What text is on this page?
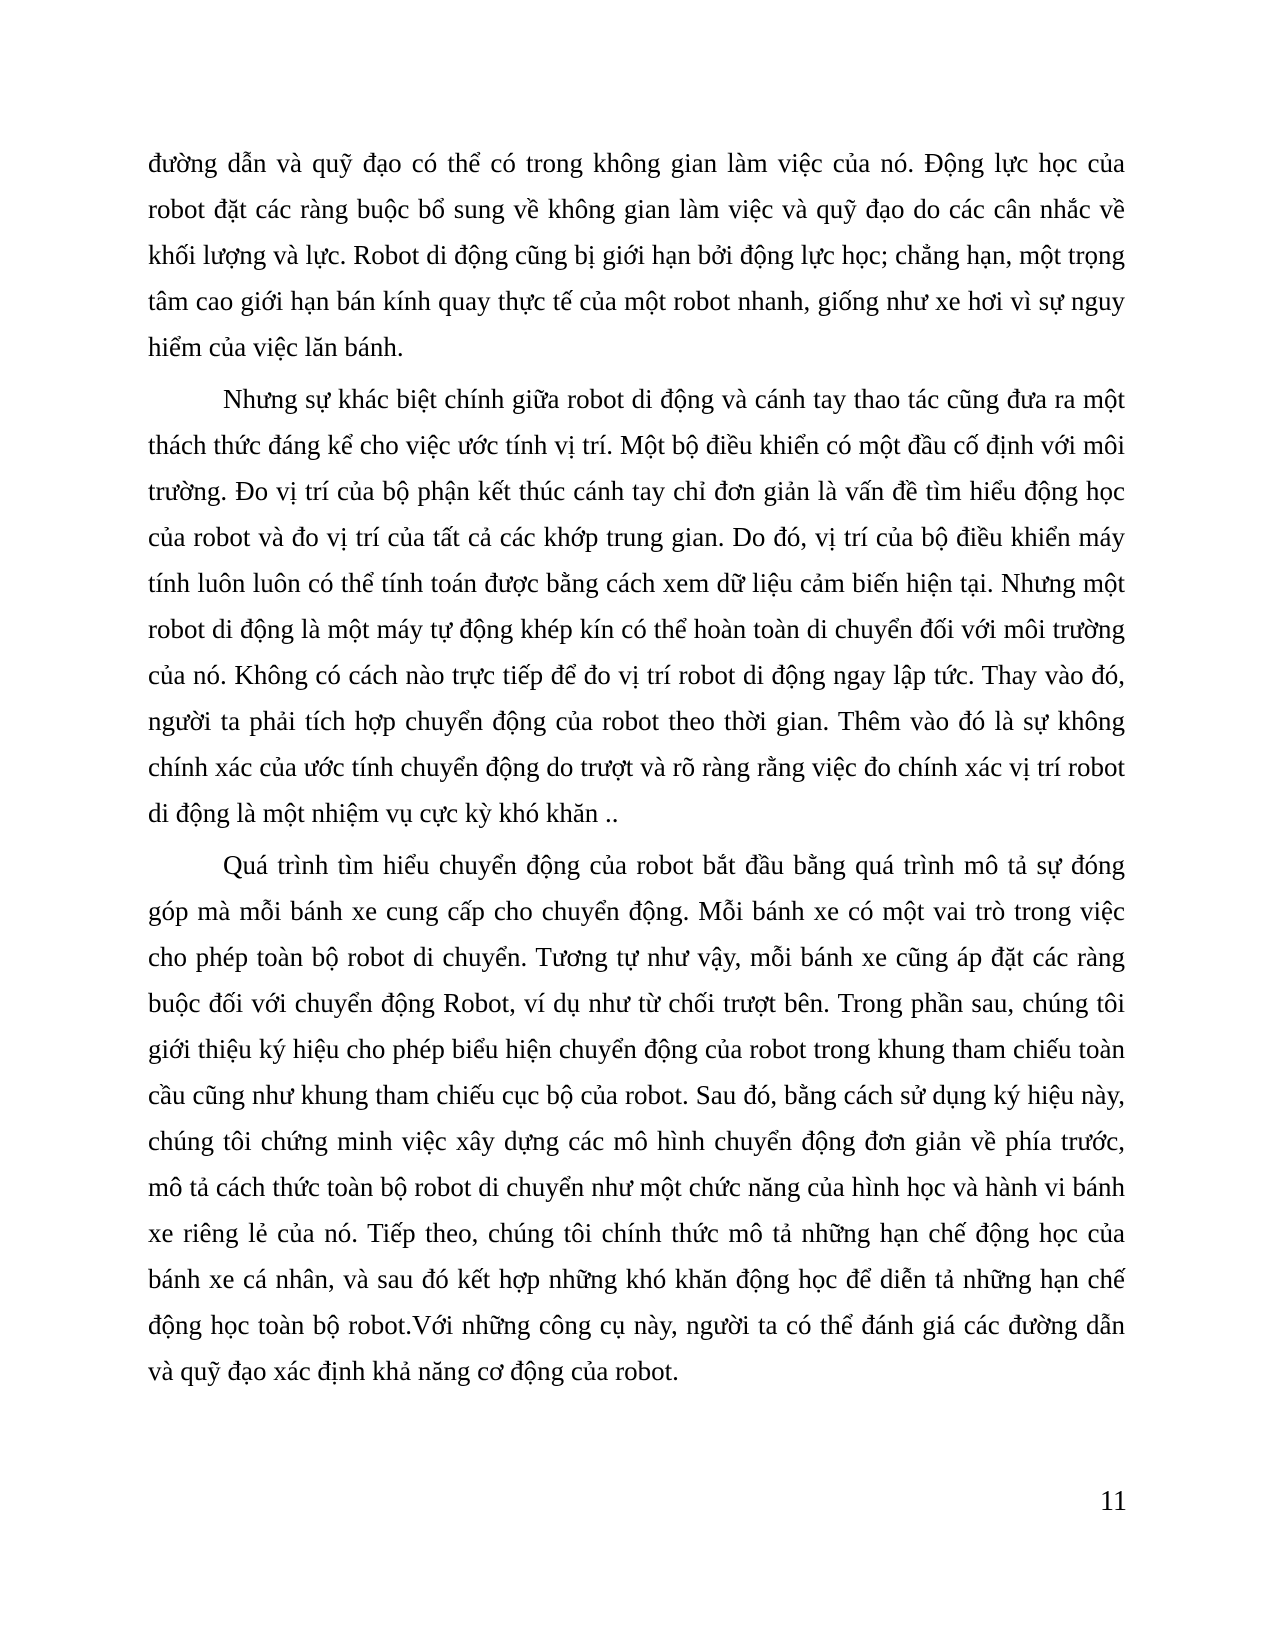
đường dẫn và quỹ đạo có thể có trong không gian làm việc của nó. Động lực học của robot đặt các ràng buộc bổ sung về không gian làm việc và quỹ đạo do các cân nhắc về khối lượng và lực. Robot di động cũng bị giới hạn bởi động lực học; chẳng hạn, một trọng tâm cao giới hạn bán kính quay thực tế của một robot nhanh, giống như xe hơi vì sự nguy hiểm của việc lăn bánh.

Nhưng sự khác biệt chính giữa robot di động và cánh tay thao tác cũng đưa ra một thách thức đáng kể cho việc ước tính vị trí. Một bộ điều khiển có một đầu cố định với môi trường. Đo vị trí của bộ phận kết thúc cánh tay chỉ đơn giản là vấn đề tìm hiểu động học của robot và đo vị trí của tất cả các khớp trung gian. Do đó, vị trí của bộ điều khiển máy tính luôn luôn có thể tính toán được bằng cách xem dữ liệu cảm biến hiện tại. Nhưng một robot di động là một máy tự động khép kín có thể hoàn toàn di chuyển đối với môi trường của nó. Không có cách nào trực tiếp để đo vị trí robot di động ngay lập tức. Thay vào đó, người ta phải tích hợp chuyển động của robot theo thời gian. Thêm vào đó là sự không chính xác của ước tính chuyển động do trượt và rõ ràng rằng việc đo chính xác vị trí robot di động là một nhiệm vụ cực kỳ khó khăn ..

Quá trình tìm hiểu chuyển động của robot bắt đầu bằng quá trình mô tả sự đóng góp mà mỗi bánh xe cung cấp cho chuyển động. Mỗi bánh xe có một vai trò trong việc cho phép toàn bộ robot di chuyển. Tương tự như vậy, mỗi bánh xe cũng áp đặt các ràng buộc đối với chuyển động Robot, ví dụ như từ chối trượt bên. Trong phần sau, chúng tôi giới thiệu ký hiệu cho phép biểu hiện chuyển động của robot trong khung tham chiếu toàn cầu cũng như khung tham chiếu cục bộ của robot. Sau đó, bằng cách sử dụng ký hiệu này, chúng tôi chứng minh việc xây dựng các mô hình chuyển động đơn giản về phía trước, mô tả cách thức toàn bộ robot di chuyển như một chức năng của hình học và hành vi bánh xe riêng lẻ của nó. Tiếp theo, chúng tôi chính thức mô tả những hạn chế động học của bánh xe cá nhân, và sau đó kết hợp những khó khăn động học để diễn tả những hạn chế động học toàn bộ robot.Với những công cụ này, người ta có thể đánh giá các đường dẫn và quỹ đạo xác định khả năng cơ động của robot.

11
